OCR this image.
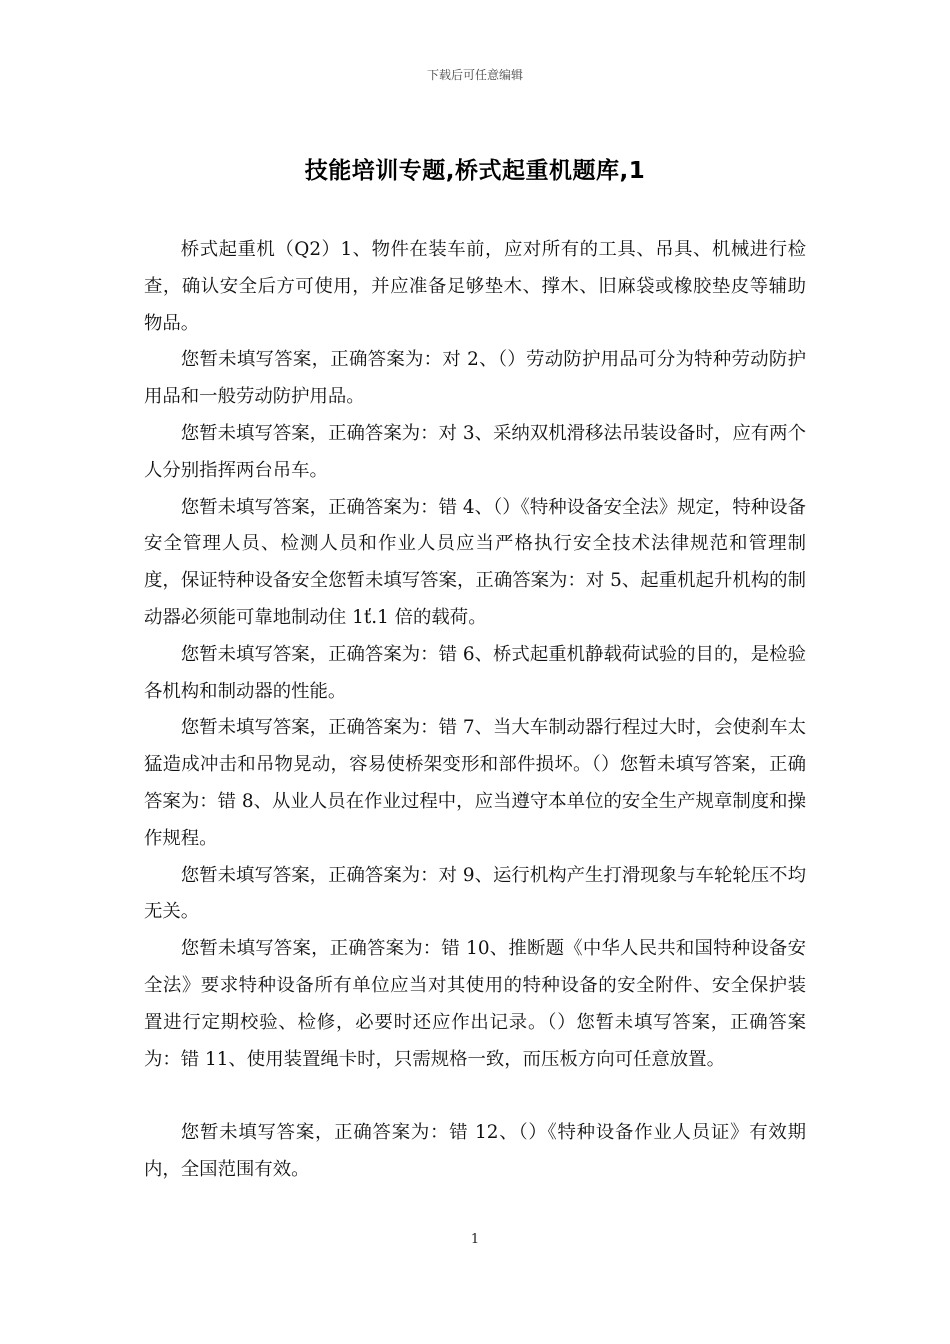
下载后可任意编辑
技能培训专题,桥式起重机题库,1

桥式起重机（Q2）1、物件在装车前，应对所有的工具、吊具、机械进行检查，确认安全后方可使用，并应准备足够垫木、撑木、旧麻袋或橡胶垫皮等辅助物品。

您暂未填写答案，正确答案为：对 2、（）劳动防护用品可分为特种劳动防护用品和一般劳动防护用品。

您暂未填写答案，正确答案为：对 3、采纳双机滑移法吊装设备时，应有两个人分别指挥两台吊车。

您暂未填写答案，正确答案为：错 4、（）《特种设备安全法》规定，特种设备安全管理人员、检测人员和作业人员应当严格执行安全技术法律规范和管理制度，保证特种设备安全您暂未填写答案，正确答案为：对 5、起重机起升机构的制动器必须能可靠地制动住 1ť.1 倍的载荷。

您暂未填写答案，正确答案为：错 6、桥式起重机静载荷试验的目的，是检验各机构和制动器的性能。

您暂未填写答案，正确答案为：错 7、当大车制动器行程过大时，会使刹车太猛造成冲击和吊物晃动，容易使桥架变形和部件损坏。（）您暂未填写答案，正确答案为：错 8、从业人员在作业过程中，应当遵守本单位的安全生产规章制度和操作规程。

您暂未填写答案，正确答案为：对 9、运行机构产生打滑现象与车轮轮压不均无关。

您暂未填写答案，正确答案为：错 10、推断题《中华人民共和国特种设备安全法》要求特种设备所有单位应当对其使用的特种设备的安全附件、安全保护装置进行定期校验、检修，必要时还应作出记录。（）您暂未填写答案，正确答案为：错 11、使用装置绳卡时，只需规格一致，而压板方向可任意放置。

您暂未填写答案，正确答案为：错 12、（）《特种设备作业人员证》有效期内，全国范围有效。

1
